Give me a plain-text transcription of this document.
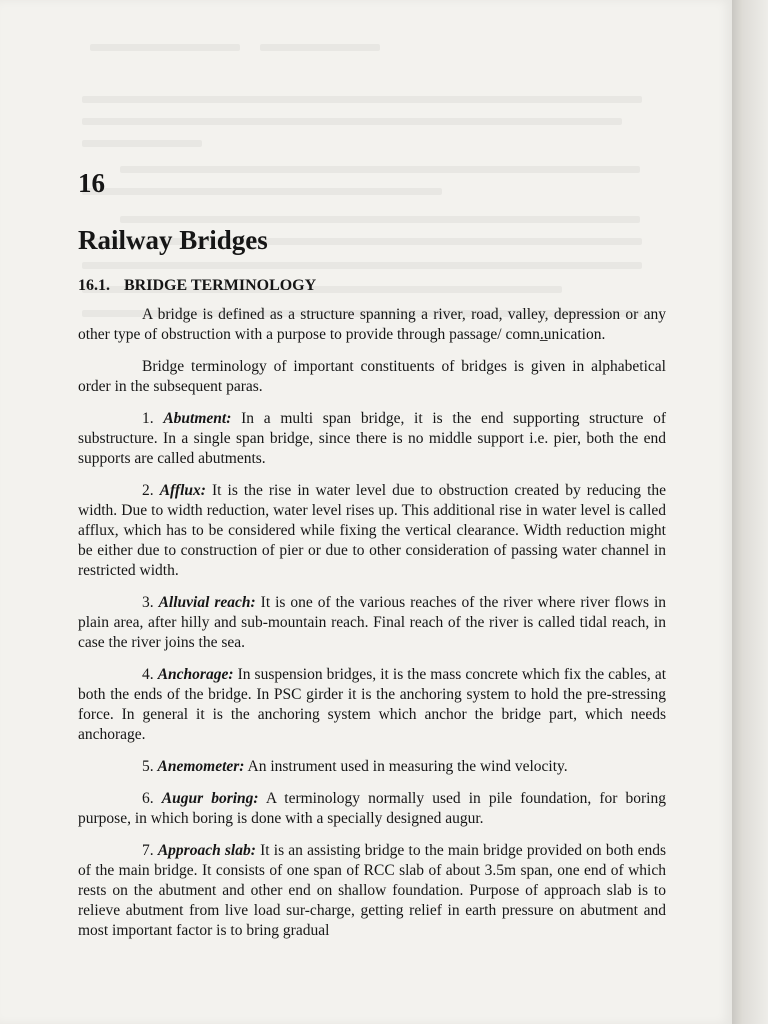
16
Railway Bridges
16.1. BRIDGE TERMINOLOGY

A bridge is defined as a structure spanning a river, road, valley, depression or any other type of obstruction with a purpose to provide through passage/ comn.̲unication.

Bridge terminology of important constituents of bridges is given in alphabetical order in the subsequent paras.

1. Abutment: In a multi span bridge, it is the end supporting structure of substructure. In a single span bridge, since there is no middle support i.e. pier, both the end supports are called abutments.

2. Afflux: It is the rise in water level due to obstruction created by reducing the width. Due to width reduction, water level rises up. This additional rise in water level is called afflux, which has to be considered while fixing the vertical clearance. Width reduction might be either due to construction of pier or due to other consideration of passing water channel in restricted width.

3. Alluvial reach: It is one of the various reaches of the river where river flows in plain area, after hilly and sub-mountain reach. Final reach of the river is called tidal reach, in case the river joins the sea.

4. Anchorage: In suspension bridges, it is the mass concrete which fix the cables, at both the ends of the bridge. In PSC girder it is the anchoring system to hold the pre-stressing force. In general it is the anchoring system which anchor the bridge part, which needs anchorage.

5. Anemometer: An instrument used in measuring the wind velocity.

6. Augur boring: A terminology normally used in pile foundation, for boring purpose, in which boring is done with a specially designed augur.

7. Approach slab: It is an assisting bridge to the main bridge provided on both ends of the main bridge. It consists of one span of RCC slab of about 3.5m span, one end of which rests on the abutment and other end on shallow foundation. Purpose of approach slab is to relieve abutment from live load sur-charge, getting relief in earth pressure on abutment and most important factor is to bring gradual
